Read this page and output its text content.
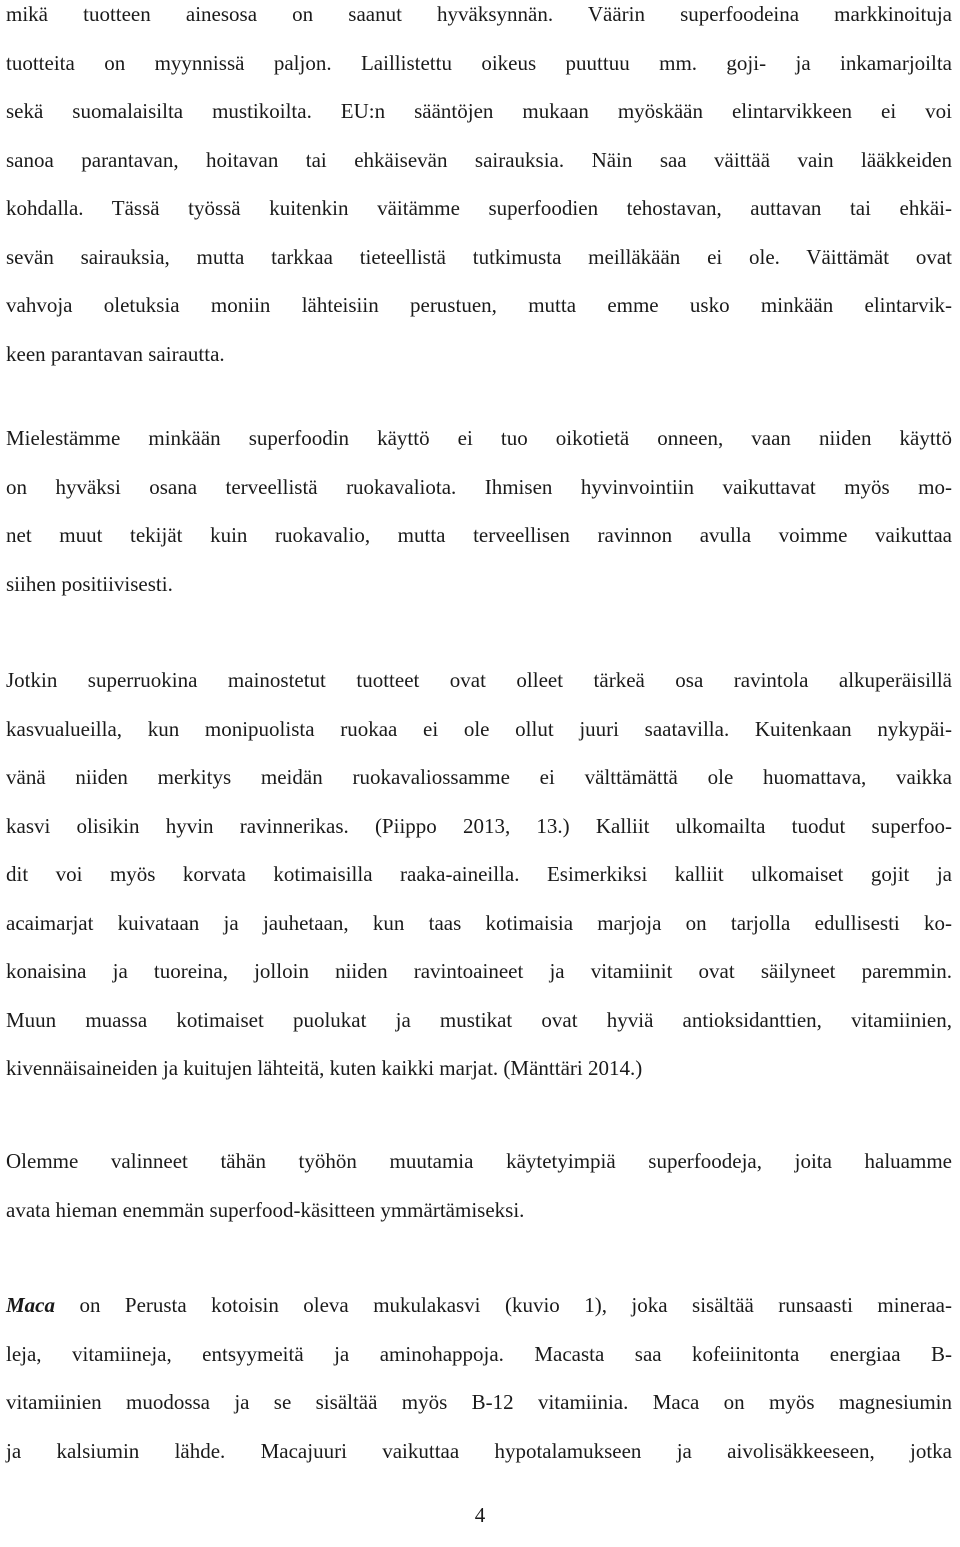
mikä tuotteen ainesosa on saanut hyväksynnän. Väärin superfoodeina markkinoituja
tuotteita on myynnissä paljon. Laillistettu oikeus puuttuu mm. goji- ja inkamarjoilta
sekä suomalaisilta mustikoilta. EU:n sääntöjen mukaan myöskään elintarvikkeen ei voi
sanoa parantavan, hoitavan tai ehkäisevän sairauksia. Näin saa väittää vain lääkkeiden
kohdalla. Tässä työssä kuitenkin väitämme superfoodien tehostavan, auttavan tai ehkäi-
sevän sairauksia, mutta tarkkaa tieteellistä tutkimusta meilläkään ei ole. Väittämät ovat
vahvoja oletuksia moniin lähteisiin perustuen, mutta emme usko minkään elintarvik-
keen parantavan sairautta.
Mielestämme minkään superfoodin käyttö ei tuo oikotietä onneen, vaan niiden käyttö
on hyväksi osana terveellistä ruokavaliota. Ihmisen hyvinvointiin vaikuttavat myös mo-
net muut tekijät kuin ruokavalio, mutta terveellisen ravinnon avulla voimme vaikuttaa
siihen positiivisesti.
Jotkin superruokina mainostetut tuotteet ovat olleet tärkeä osa ravintola alkuperäisillä
kasvualueilla, kun monipuolista ruokaa ei ole ollut juuri saatavilla. Kuitenkaan nykypäi-
vänä niiden merkitys meidän ruokavaliossamme ei välttämättä ole huomattava, vaikka
kasvi olisikin hyvin ravinnerikas. (Piippo 2013, 13.) Kalliit ulkomailta tuodut superfoo-
dit voi myös korvata kotimaisilla raaka-aineilla. Esimerkiksi kalliit ulkomaiset gojit ja
acaimarjat kuivataan ja jauhetaan, kun taas kotimaisia marjoja on tarjolla edullisesti ko-
konaisina ja tuoreina, jolloin niiden ravintoaineet ja vitamiinit ovat säilyneet paremmin.
Muun muassa kotimaiset puolukat ja mustikat ovat hyviä antioksidanttien, vitamiinien,
kivennäisaineiden ja kuitujen lähteitä, kuten kaikki marjat. (Mänttäri 2014.)
Olemme valinneet tähän työhön muutamia käytetyimpiä superfoodeja, joita haluamme
avata hieman enemmän superfood-käsitteen ymmärtämiseksi.
Maca on Perusta kotoisin oleva mukulakasvi (kuvio 1), joka sisältää runsaasti mineraa-
leja, vitamiineja, entsyymeitä ja aminohappoja. Macasta saa kofeiinitonta energiaa B-
vitamiinien muodossa ja se sisältää myös B-12 vitamiinia. Maca on myös magnesiumin
ja kalsiumin lähde. Macajuuri vaikuttaa hypotalamukseen ja aivolisäkkeeseen, jotka
4
